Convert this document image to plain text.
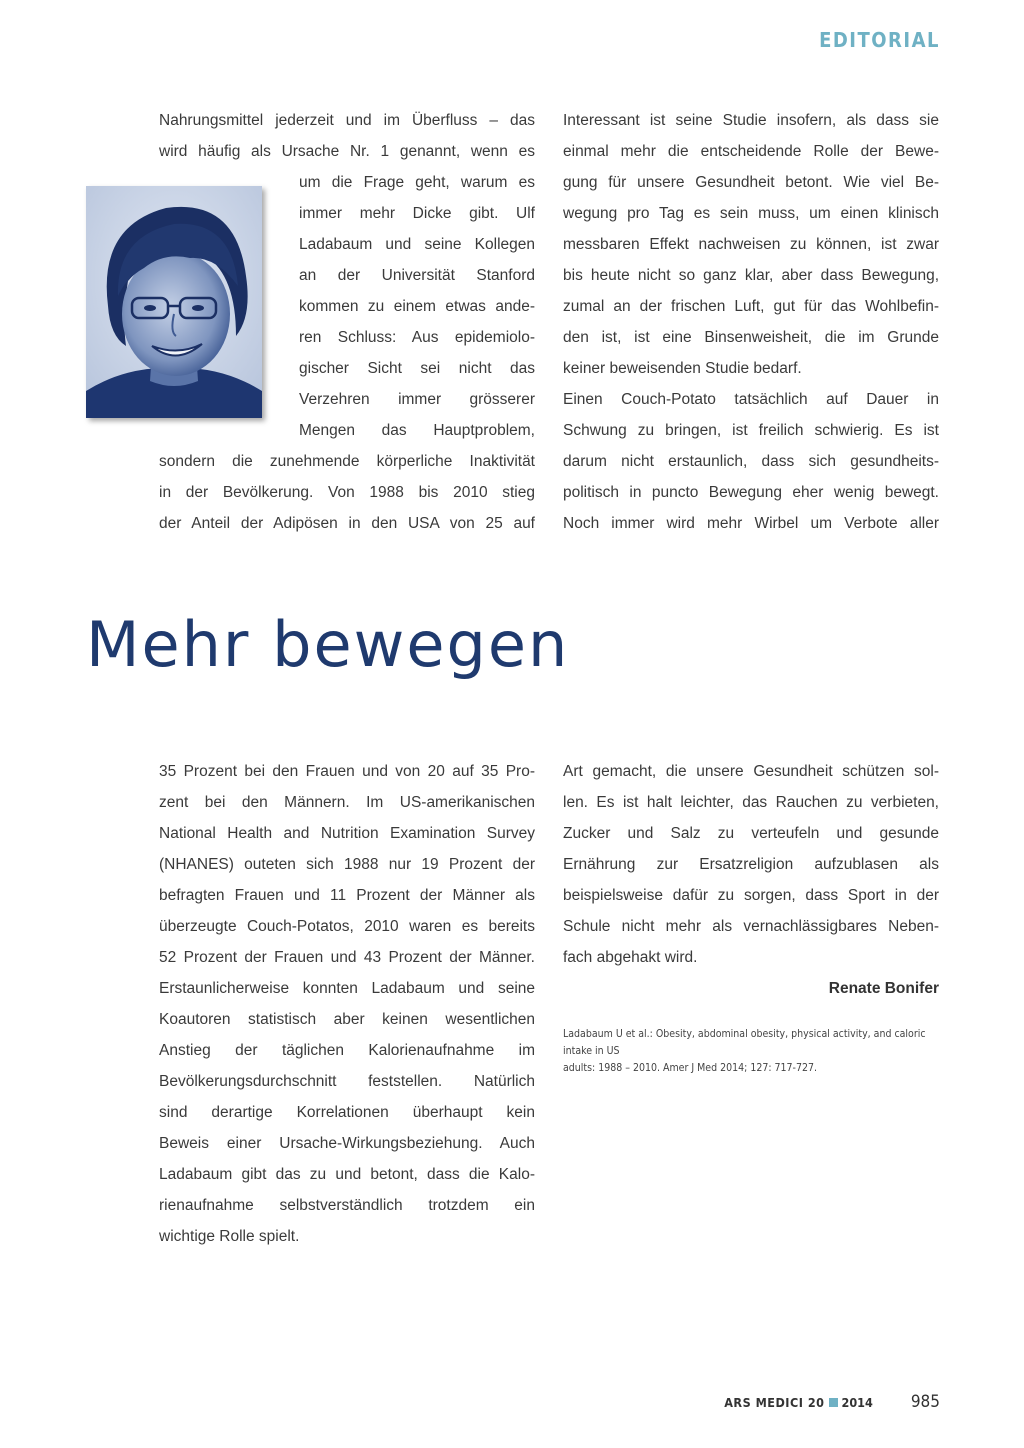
EDITORIAL

Nahrungsmittel jederzeit und im Überfluss – das

wird häufig als Ursache Nr. 1 genannt, wenn es

um die Frage geht, warum es

immer mehr Dicke gibt. Ulf

Ladabaum und seine Kollegen

an der Universität Stanford

kommen zu einem etwas ande-

ren Schluss: Aus epidemiolo-

gischer Sicht sei nicht das

Verzehren immer grösserer

Mengen das Hauptproblem,

sondern die zunehmende körperliche Inaktivität

in der Bevölkerung. Von 1988 bis 2010 stieg

der Anteil der Adipösen in den USA von 25 auf

Interessant ist seine Studie insofern, als dass sie

einmal mehr die entscheidende Rolle der Bewe-

gung für unsere Gesundheit betont. Wie viel Be-

wegung pro Tag es sein muss, um einen klinisch

messbaren Effekt nachweisen zu können, ist zwar

bis heute nicht so ganz klar, aber dass Bewegung,

zumal an der frischen Luft, gut für das Wohlbefin-

den ist, ist eine Binsenweisheit, die im Grunde

keiner beweisenden Studie bedarf.

Einen Couch-Potato tatsächlich auf Dauer in

Schwung zu bringen, ist freilich schwierig. Es ist

darum nicht erstaunlich, dass sich gesundheits-

politisch in puncto Bewegung eher wenig bewegt.

Noch immer wird mehr Wirbel um Verbote aller

Mehr bewegen

35 Prozent bei den Frauen und von 20 auf 35 Pro-

zent bei den Männern. Im US-amerikanischen

National Health and Nutrition Examination Survey

(NHANES) outeten sich 1988 nur 19 Prozent der

befragten Frauen und 11 Prozent der Männer als

überzeugte Couch-Potatos, 2010 waren es bereits

52 Prozent der Frauen und 43 Prozent der Männer.

Erstaunlicherweise konnten Ladabaum und seine

Koautoren statistisch aber keinen wesentlichen

Anstieg der täglichen Kalorienaufnahme im

Bevölkerungsdurchschnitt feststellen. Natürlich

sind derartige Korrelationen überhaupt kein

Beweis einer Ursache-Wirkungsbeziehung. Auch

Ladabaum gibt das zu und betont, dass die Kalo-

rienaufnahme selbstverständlich trotzdem ein

wichtige Rolle spielt.

Art gemacht, die unsere Gesundheit schützen sol-

len. Es ist halt leichter, das Rauchen zu verbieten,

Zucker und Salz zu verteufeln und gesunde

Ernährung zur Ersatzreligion aufzublasen als

beispielsweise dafür zu sorgen, dass Sport in der

Schule nicht mehr als vernachlässigbares Neben-

fach abgehakt wird.

Renate Bonifer
Ladabaum U et al.: Obesity, abdominal obesity, physical activity, and caloric intake in US
adults: 1988 – 2010. Amer J Med 2014; 127: 717-727.
ARS MEDICI 20 2014 985
